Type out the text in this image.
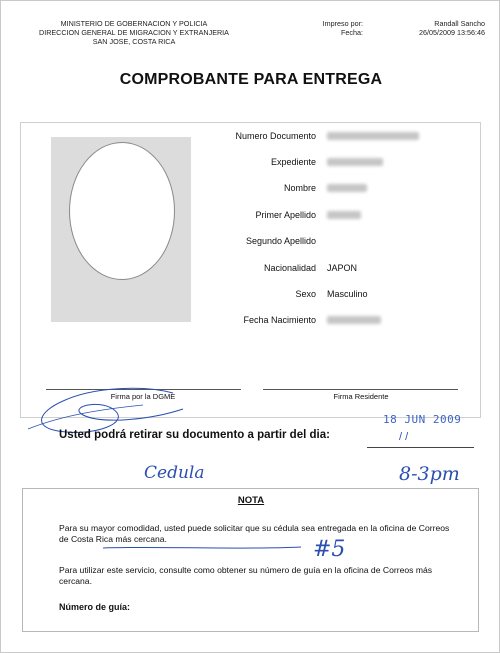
MINISTERIO DE GOBERNACION Y POLICIA
DIRECCION GENERAL DE MIGRACION Y EXTRANJERIA
SAN JOSE, COSTA RICA
Impreso por:
Fecha:
Randall Sancho
26/05/2009 13:56:46
COMPROBANTE PARA ENTREGA
Numero Documento
Expediente
Nombre
Primer Apellido
Segundo Apellido
Nacionalidad
Sexo
Fecha Nacimiento
JAPON
Masculino
Firma por la DGME	Firma Residente
Usted podrá retirar su documento a partir del dia:
18 JUN 2009
/ /
Cedula	8-3pm
#5
NOTA
Para su mayor comodidad, usted puede solicitar que su cédula sea entregada en la oficina de Correos de Costa Rica más cercana.
Para utilizar este servicio, consulte como obtener su número de guía en la oficina de Correos más cercana.
Número de guía:
